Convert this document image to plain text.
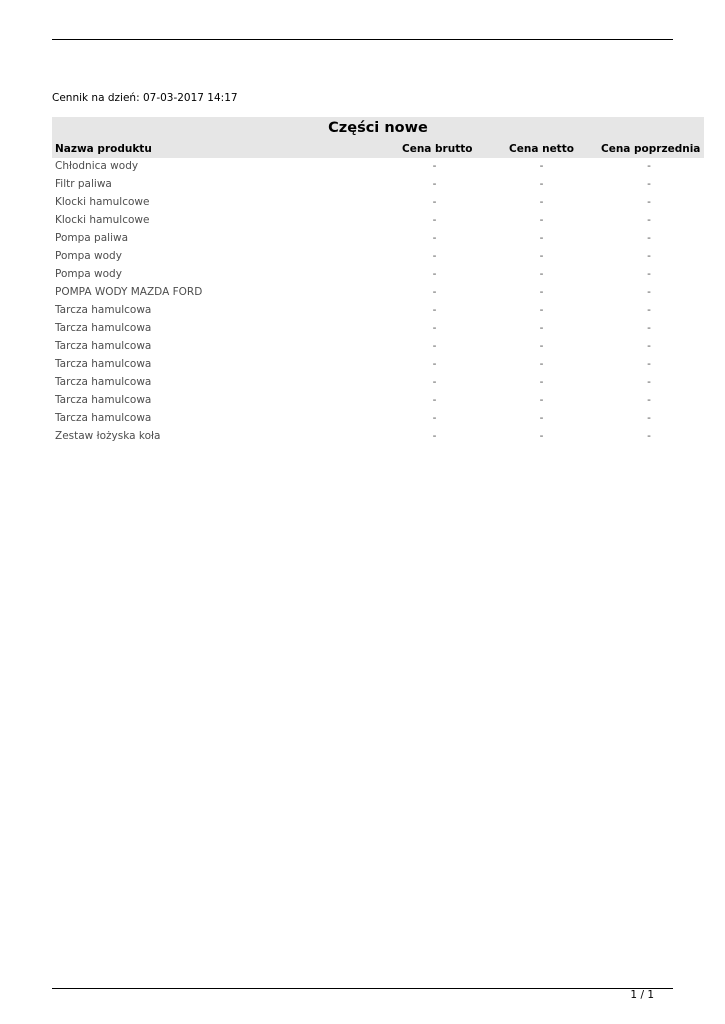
Cennik na dzień: 07-03-2017 14:17
Części nowe
Nazwa produktu	Cena brutto	Cena netto	Cena poprzednia
Chłodnica wody	-	-	-
Filtr paliwa	-	-	-
Klocki hamulcowe	-	-	-
Klocki hamulcowe	-	-	-
Pompa paliwa	-	-	-
Pompa wody	-	-	-
Pompa wody	-	-	-
POMPA WODY MAZDA FORD	-	-	-
Tarcza hamulcowa	-	-	-
Tarcza hamulcowa	-	-	-
Tarcza hamulcowa	-	-	-
Tarcza hamulcowa	-	-	-
Tarcza hamulcowa	-	-	-
Tarcza hamulcowa	-	-	-
Tarcza hamulcowa	-	-	-
Zestaw łożyska koła	-	-	-
1 / 1
